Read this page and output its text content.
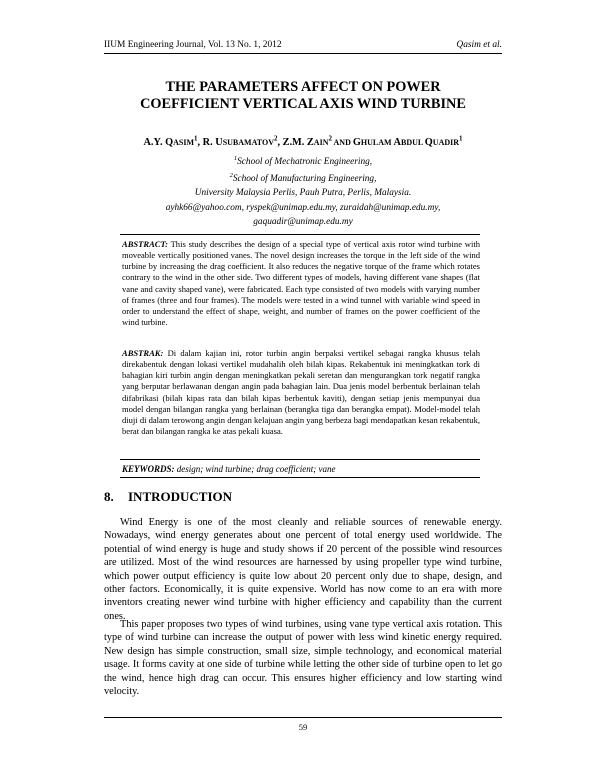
IIUM Engineering Journal, Vol. 13 No. 1, 2012	Qasim et al.
THE PARAMETERS AFFECT ON POWER
COEFFICIENT VERTICAL AXIS WIND TURBINE
A.Y. QASIM$^1$, R. USUBAMATOV$^2$, Z.M. ZAIN$^2$ AND GHULAM ABDUL QUADIR$^1$
$^1$School of Mechatronic Engineering,
$^2$School of Manufacturing Engineering,
University Malaysia Perlis, Pauh Putra, Perlis, Malaysia.
ayhk66@yahoo.com, ryspek@unimap.edu.my, zuraidah@unimap.edu.my,
gaquadir@unimap.edu.my
ABSTRACT: This study describes the design of a special type of vertical axis rotor wind turbine with moveable vertically positioned vanes. The novel design increases the torque in the left side of the wind turbine by increasing the drag coefficient. It also reduces the negative torque of the frame which rotates contrary to the wind in the other side. Two different types of models, having different vane shapes (flat vane and cavity shaped vane), were fabricated. Each type consisted of two models with varying number of frames (three and four frames). The models were tested in a wind tunnel with variable wind speed in order to understand the effect of shape, weight, and number of frames on the power coefficient of the wind turbine.
ABSTRAK: Di dalam kajian ini, rotor turbin angin berpaksi vertikel sebagai rangka khusus telah direkabentuk dengan lokasi vertikel mudahalih oleh bilah kipas. Rekabentuk ini meningkatkan tork di bahagian kiri turbin angin dengan meningkatkan pekali seretan dan mengurangkan tork negatif rangka yang berputar berlawanan dengan angin pada bahagian lain. Dua jenis model berbentuk berlainan telah difabrikasi (bilah kipas rata dan bilah kipas berbentuk kaviti), dengan setiap jenis mempunyai dua model dengan bilangan rangka yang berlainan (berangka tiga dan berangka empat). Model-model telah diuji di dalam terowong angin dengan kelajuan angin yang berbeza bagi mendapatkan kesan rekabentuk, berat dan bilangan rangka ke atas pekali kuasa.
KEYWORDS: design; wind turbine; drag coefficient; vane
8. INTRODUCTION

Wind Energy is one of the most cleanly and reliable sources of renewable energy. Nowadays, wind energy generates about one percent of total energy used worldwide. The potential of wind energy is huge and study shows if 20 percent of the possible wind resources are utilized. Most of the wind resources are harnessed by using propeller type wind turbine, which power output efficiency is quite low about 20 percent only due to shape, design, and other factors. Economically, it is quite expensive. World has now come to an era with more inventors creating newer wind turbine with higher efficiency and capability than the current ones.

This paper proposes two types of wind turbines, using vane type vertical axis rotation. This type of wind turbine can increase the output of power with less wind kinetic energy required. New design has simple construction, small size, simple technology, and economical material usage. It forms cavity at one side of turbine while letting the other side of turbine open to let go the wind, hence high drag can occur. This ensures higher efficiency and low starting wind velocity.

59
